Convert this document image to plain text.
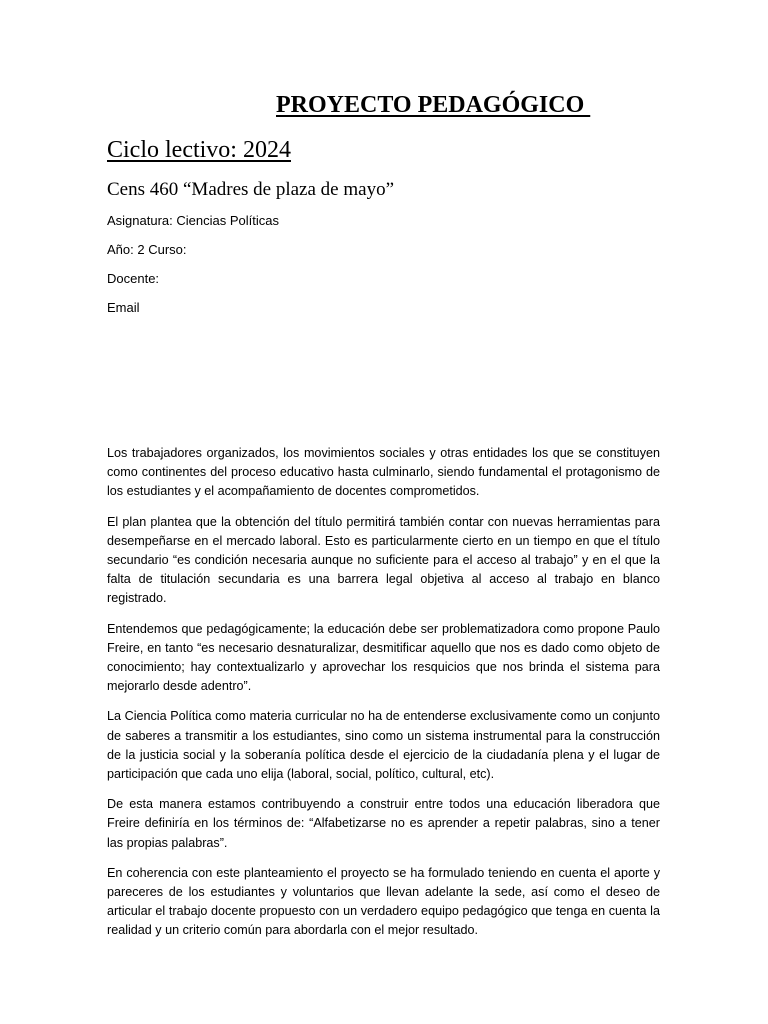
PROYECTO PEDAGÓGICO
Ciclo lectivo: 2024
Cens 460 “Madres de plaza de mayo”
Asignatura: Ciencias Políticas
Año: 2 Curso:
Docente:
Email

Los trabajadores organizados, los movimientos sociales y otras entidades los que se constituyen como continentes del proceso educativo hasta culminarlo, siendo fundamental el protagonismo de los estudiantes y el acompañamiento de docentes comprometidos.

El plan plantea que la obtención del título permitirá también contar con nuevas herramientas para desempeñarse en el mercado laboral. Esto es particularmente cierto en un tiempo en que el título secundario “es condición necesaria aunque no suficiente para el acceso al trabajo” y en el que la falta de titulación secundaria es una barrera legal objetiva al acceso al trabajo en blanco registrado.

Entendemos que pedagógicamente; la educación debe ser problematizadora como propone Paulo Freire, en tanto “es necesario desnaturalizar, desmitificar aquello que nos es dado como objeto de conocimiento; hay contextualizarlo y aprovechar los resquicios que nos brinda el sistema para mejorarlo desde adentro”.

La Ciencia Política como materia curricular no ha de entenderse exclusivamente como un conjunto de saberes a transmitir a los estudiantes, sino como un sistema instrumental para la construcción de la justicia social y la soberanía política desde el ejercicio de la ciudadanía plena y el lugar de participación que cada uno elija (laboral, social, político, cultural, etc).

De esta manera estamos contribuyendo a construir entre todos una educación liberadora que Freire definiría en los términos de: “Alfabetizarse no es aprender a repetir palabras, sino a tener las propias palabras”.

En coherencia con este planteamiento el proyecto se ha formulado teniendo en cuenta el aporte y pareceres de los estudiantes y voluntarios que llevan adelante la sede, así como el deseo de articular el trabajo docente propuesto con un verdadero equipo pedagógico que tenga en cuenta la realidad y un criterio común para abordarla con el mejor resultado.
